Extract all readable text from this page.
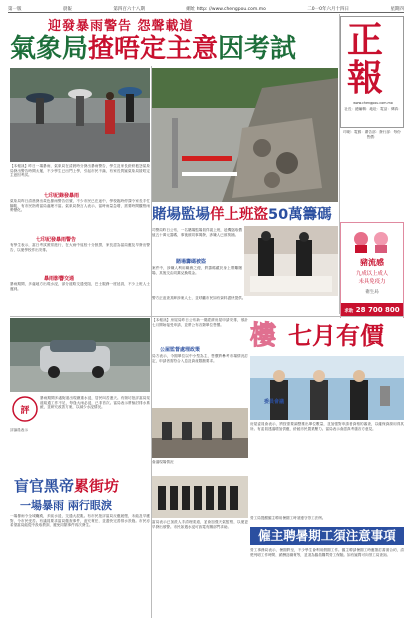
第一版	晨報	第四百六十八期	網址 http: //www.chengpou.com.mo	二0一0年六月十四日	星期四
迎發暴雨警告 怨聲載道
氣象局揸唔定主意因考試
【本報訊】昨日一場暴雨，氣象局在清晨時分發出暴雨警告，學生及家長紛紛抱怨氣象局發出警告時間太遲，不少學生已出門上學，引起市民不滿，有家長質疑氣象局揸唔定主意因考試。
七印記錄發暴雨
氣象局昨日清晨發出黃色暴雨警告信號，不少市民已在途中，學校臨時停課令家長手忙腳亂，有市民指責當局處理不當。氣象局發言人表示，當時雨量急增，需要時間觀察雨勢變化。
七印記發暴雨警告
有學生表示，當日考試照常進行，在大雨中返校十分狼狽，家長認為當局應及早發出警告，以便學校作出安排。
暴雨影響交通
暴雨期間，多處地方出現水浸，部分道路交通受阻，巴士服務一度延誤，不少上班人士遲到。
賭場監場佯上班盜50萬籌碼
司警局昨日公布，一名賭場監場員佯裝上班，趁機盜取價值五十萬元籌碼，事後被同事揭發，涉嫌人已被拘捕。
賭場籌碼被盜
案件中，涉嫌人利用職務之便，將籌碼藏於身上帶離賭場，其後交由同黨兌換現金。
警方正追查其餘涉案人士，並呼籲市民如有資料盡快提供。
正
報
www.chengpou.com.mo
社長：總編輯：地址：電話：傳真：
印刷：電郵：廣告部：發行部：每份售價：
豬流感
九成以上成人
未具免疫力
衛生局
求助 28 700 800
【本報訊】房屋局昨日公布新一期經濟房屋申請安排，預計七月開始接受申請，並將公布各類單位售價。
公屋監督處理政策
局方表示，今期單位以中小型為主，售價將參考市場情況訂定，申請者需符合入息及資產限額要求。
樓 七月有價
委員會議
房屋委員會表示，將按需要調整推出單位數量，並加強對申請者資格的審查，以確保資源用得其所。有委員建議增加供應，紓緩市民置業壓力。當局表示會認真考慮各方意見。
會議現場情況
評
暴雨期間多處街道出現嚴重水浸，居民叫苦連天。有街坊批評當局渠道疏通工作不足，每逢大雨必浸，已非首次。當局表示將檢討排水系統，並研究改善方案，以減少水浸情況。
評論員表示
盲官黑帝累街坊
一場暴雨 兩行眼淚
一場暴雨令全城癱瘓，多區水浸，交通大混亂。有市民批評當局反應緩慢，未能及早應對，令市民受苦。有議員要求當局徹查事件，追究責任，並盡快完善排水設施。市民亦希望當局能從中汲取教訓，避免同類事件再次發生。
當局表示已加派人手清理渠道，並會加強天氣監察，以便更早發出預警。市民如遇水浸可致電有關部門求助。
勞工局提醒僱主聘用暑期工時須遵守勞工法例。
僱主聘暑期工須注意事項
勞工事務局表示，暑期將至，不少學生會利用假期工作。僱主聘請暑期工時應簽訂書面合約，清楚列明工作時間、薪酬及職責等，並須為僱員購買勞工保險。如有疑問可向勞工局查詢。
